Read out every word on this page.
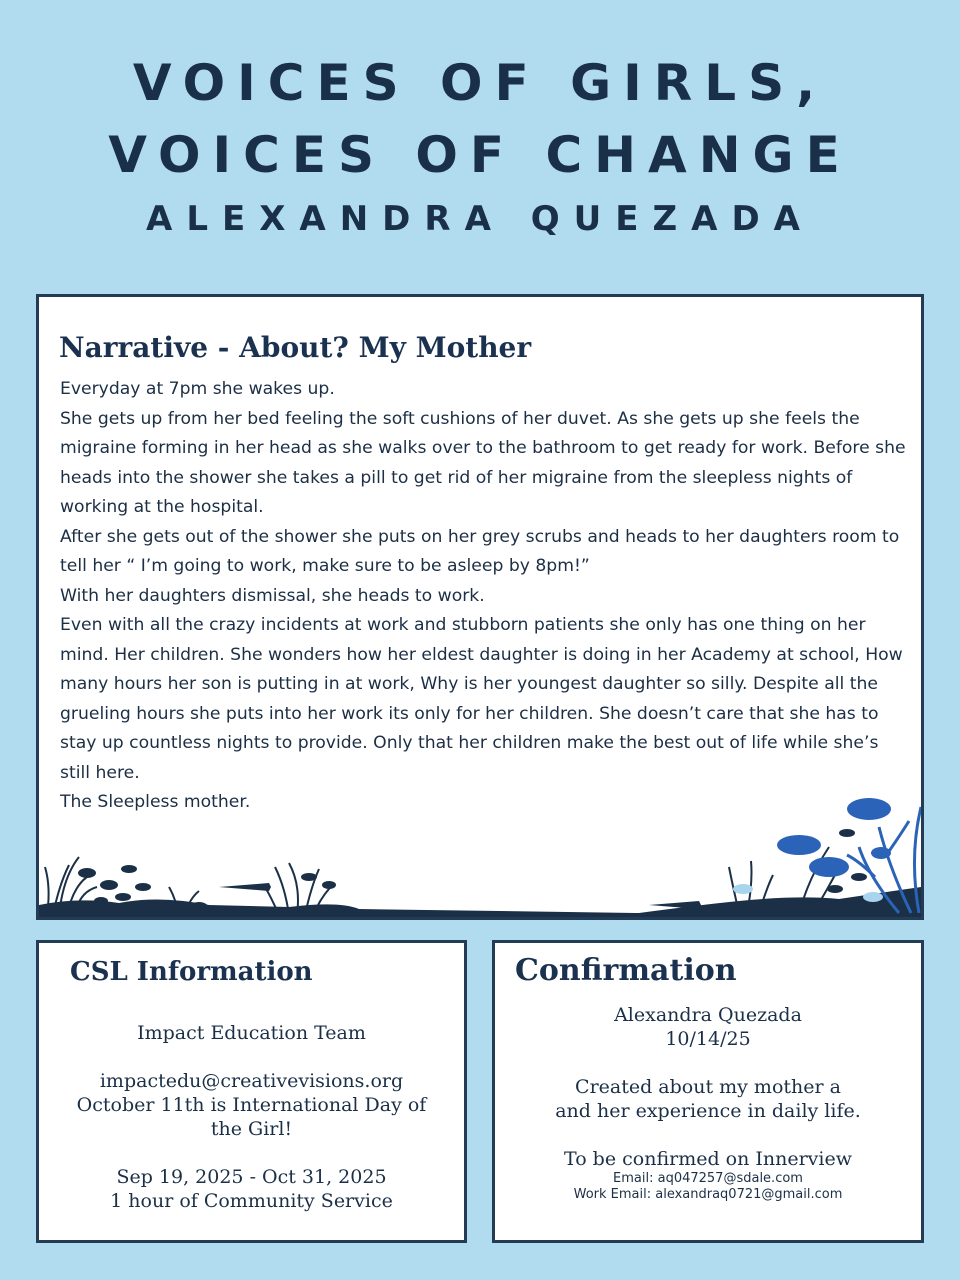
VOICES OF GIRLS,
VOICES OF CHANGE
ALEXANDRA QUEZADA
Narrative - About? My Mother

Everyday at 7pm she wakes up.

She gets up from her bed feeling the soft cushions of her duvet. As she gets up she feels the migraine forming in her head as she walks over to the bathroom to get ready for work. Before she heads into the shower she takes a pill to get rid of her migraine from the sleepless nights of working at the hospital.

After she gets out of the shower she puts on her grey scrubs and heads to her daughters room to tell her “ I’m going to work, make sure to be asleep by 8pm!”

With her daughters dismissal, she heads to work.

Even with all the crazy incidents at work and stubborn patients she only has one thing on her mind. Her children. She wonders how her eldest daughter is doing in her Academy at school, How many hours her son is putting in at work, Why is her youngest daughter so silly. Despite all the grueling hours she puts into her work its only for her children. She doesn’t care that she has to stay up countless nights to provide. Only that her children make the best out of life while she’s still here.

The Sleepless mother.

CSL Information

Impact Education Team

impactedu@creativevisions.org

October 11th is International Day of the Girl!

Sep 19, 2025 - Oct 31, 2025

1 hour of Community Service

Confirmation

Alexandra Quezada

10/14/25

Created about my mother a and her experience in daily life.

To be confirmed on Innerview

Email: aq047257@sdale.com

Work Email: alexandraq0721@gmail.com
